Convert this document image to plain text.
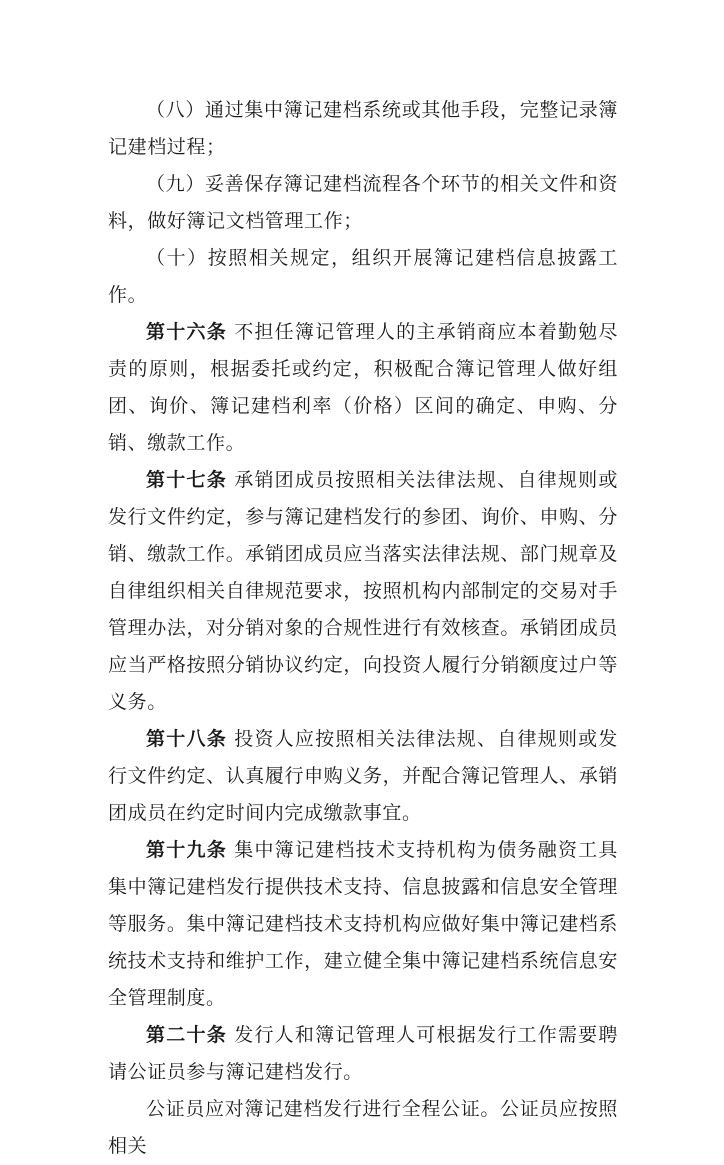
（八）通过集中簿记建档系统或其他手段，完整记录簿记建档过程；

（九）妥善保存簿记建档流程各个环节的相关文件和资料，做好簿记文档管理工作；

（十）按照相关规定，组织开展簿记建档信息披露工作。

第十六条 不担任簿记管理人的主承销商应本着勤勉尽责的原则，根据委托或约定，积极配合簿记管理人做好组团、询价、簿记建档利率（价格）区间的确定、申购、分销、缴款工作。

第十七条 承销团成员按照相关法律法规、自律规则或发行文件约定，参与簿记建档发行的参团、询价、申购、分销、缴款工作。承销团成员应当落实法律法规、部门规章及自律组织相关自律规范要求，按照机构内部制定的交易对手管理办法，对分销对象的合规性进行有效核查。承销团成员应当严格按照分销协议约定，向投资人履行分销额度过户等义务。

第十八条 投资人应按照相关法律法规、自律规则或发行文件约定、认真履行申购义务，并配合簿记管理人、承销团成员在约定时间内完成缴款事宜。

第十九条 集中簿记建档技术支持机构为债务融资工具集中簿记建档发行提供技术支持、信息披露和信息安全管理等服务。集中簿记建档技术支持机构应做好集中簿记建档系统技术支持和维护工作，建立健全集中簿记建档系统信息安全管理制度。

第二十条 发行人和簿记管理人可根据发行工作需要聘请公证员参与簿记建档发行。

公证员应对簿记建档发行进行全程公证。公证员应按照相关
